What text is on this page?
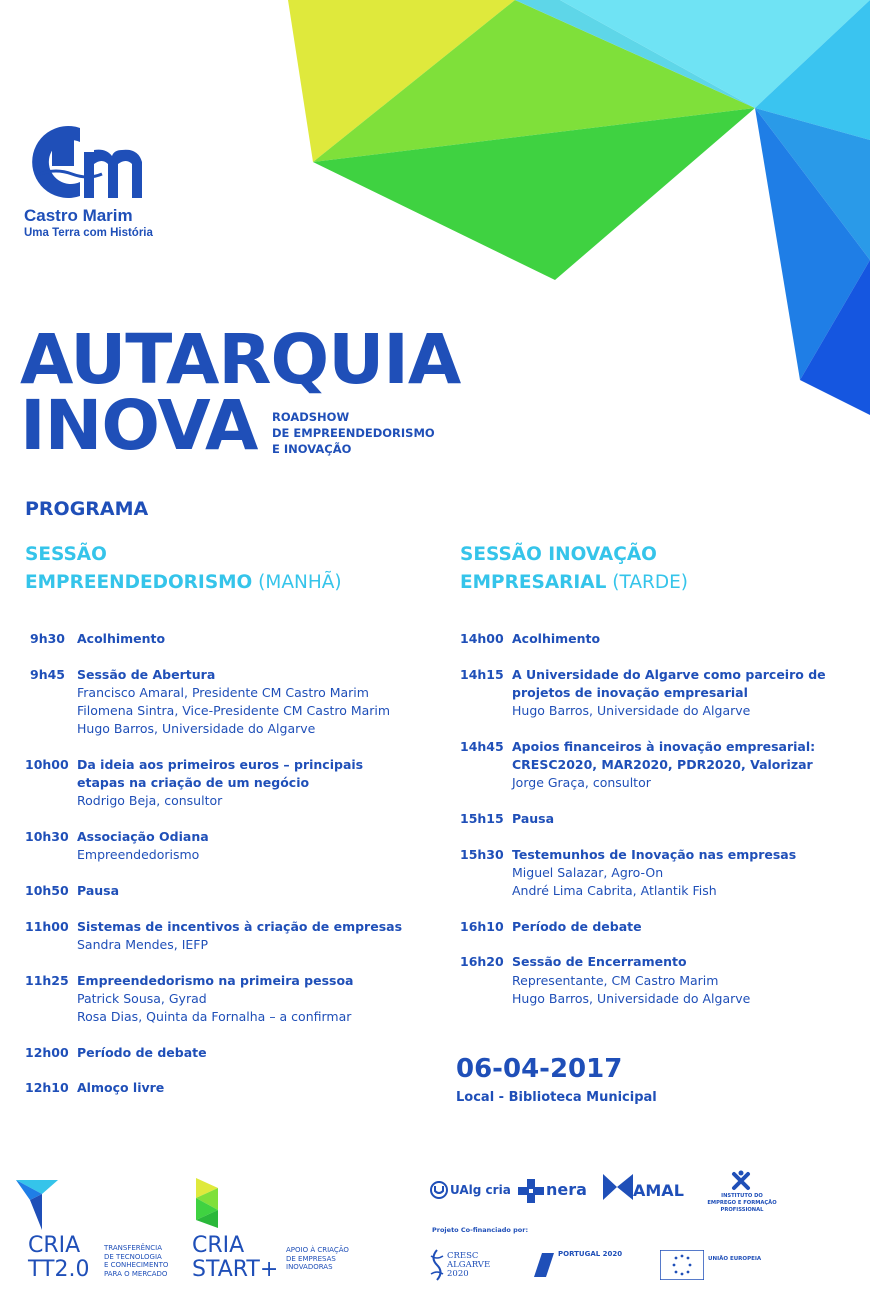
Castro Marim
Uma Terra com História
AUTARQUIA
INOVA ROADSHOW
DE EMPREENDEDORISMO
E INOVAÇÃO
PROGRAMA
SESSÃO
EMPREENDEDORISMO (MANHÃ)
SESSÃO INOVAÇÃO
EMPRESARIAL (TARDE)
9h30 Acolhimento
9h45 Sessão de Abertura
Francisco Amaral, Presidente CM Castro Marim
Filomena Sintra, Vice-Presidente CM Castro Marim
Hugo Barros, Universidade do Algarve
10h00 Da ideia aos primeiros euros – principais
etapas na criação de um negócio
Rodrigo Beja, consultor
10h30 Associação Odiana
Empreendedorismo
10h50 Pausa
11h00 Sistemas de incentivos à criação de empresas
Sandra Mendes, IEFP
11h25 Empreendedorismo na primeira pessoa
Patrick Sousa, Gyrad
Rosa Dias, Quinta da Fornalha – a confirmar
12h00 Período de debate
12h10 Almoço livre
14h00 Acolhimento
14h15 A Universidade do Algarve como parceiro de
projetos de inovação empresarial
Hugo Barros, Universidade do Algarve
14h45 Apoios financeiros à inovação empresarial:
CRESC2020, MAR2020, PDR2020, Valorizar
Jorge Graça, consultor
15h15 Pausa
15h30 Testemunhos de Inovação nas empresas
Miguel Salazar, Agro-On
André Lima Cabrita, Atlantik Fish
16h10 Período de debate
16h20 Sessão de Encerramento
Representante, CM Castro Marim
Hugo Barros, Universidade do Algarve
06-04-2017
Local - Biblioteca Municipal
CRIA
TT2.0
TRANSFERÊNCIA
DE TECNOLOGIA
E CONHECIMENTO
PARA O MERCADO
CRIA
START+
APOIO À CRIAÇÃO
DE EMPRESAS
INOVADORAS
UAlg cria nera	AMAL	INSTITUTO DO EMPREGO E FORMAÇÃO PROFISSIONAL
Projeto Co-financiado por:
CRESC ALGARVE 2020
PORTUGAL 2020
UNIÃO EUROPEIA
